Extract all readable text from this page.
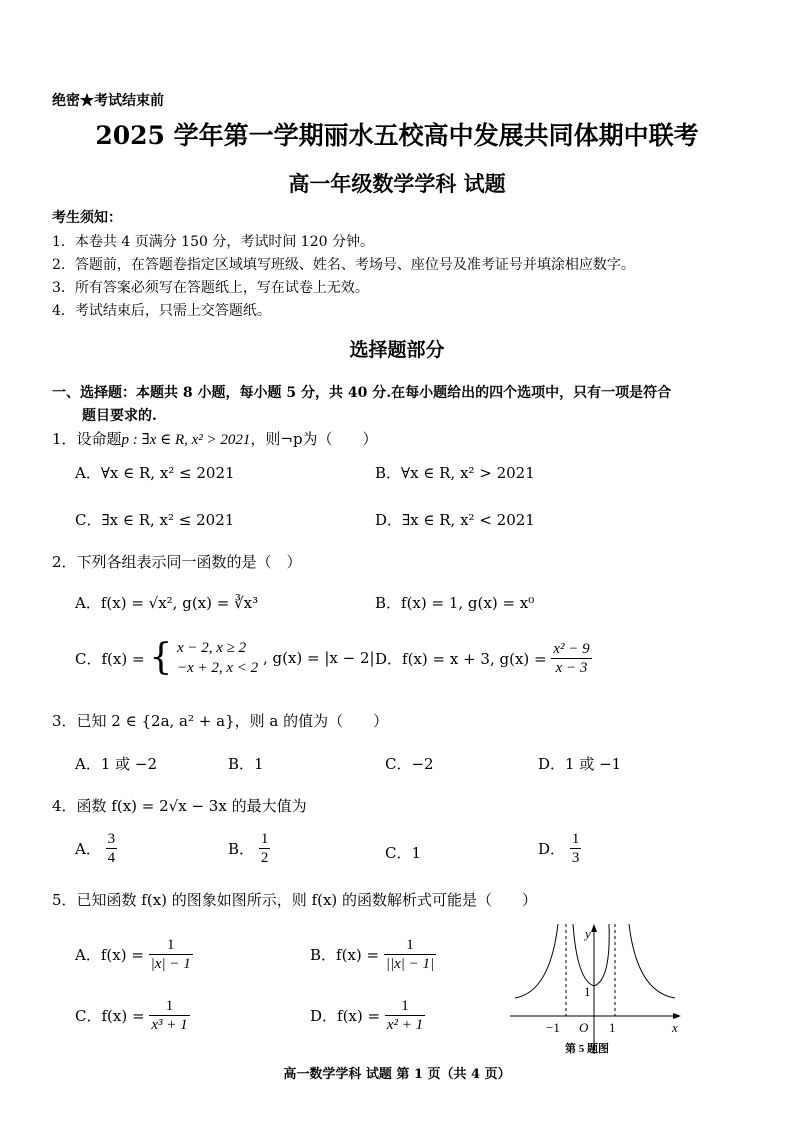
绝密★考试结束前
2025 学年第一学期丽水五校高中发展共同体期中联考
高一年级数学学科 试题
考生须知：
1．本卷共 4 页满分 150 分，考试时间 120 分钟。
2．答题前，在答题卷指定区域填写班级、姓名、考场号、座位号及准考证号并填涂相应数字。
3．所有答案必须写在答题纸上，写在试卷上无效。
4．考试结束后，只需上交答题纸。
选择题部分
一、选择题：本题共 8 小题，每小题 5 分，共 40 分.在每小题给出的四个选项中，只有一项是符合
题目要求的.
1．设命题p : ∃x ∈ R, x² > 2021，则¬p为（　　）
A．∀x ∈ R, x² ≤ 2021	B．∀x ∈ R, x² > 2021
C．∃x ∈ R, x² ≤ 2021	D．∃x ∈ R, x² < 2021
2．下列各组表示同一函数的是（　）
A．f(x) = √x², g(x) = ∛x³	B．f(x) = 1, g(x) = x⁰
C．f(x) = { x − 2, x ≥ 2
−x + 2, x < 2
, g(x) = |x − 2| D．f(x) = x + 3, $g(x) = \frac{\text{x² − 9}}{x - 3}$
3．已知 2 ∈ {2a, a² + a}，则 a 的值为（　　）
A．1 或 −2	B．1	C．−2	D．1 或 −1
4．函数 f(x) = 2√x − 3x 的最大值为
A． $\frac{3}{4}$	B． $\frac{1}{2}$	C．1	D． $\frac{1}{3}$
5．已知函数 f(x) 的图象如图所示，则 f(x) 的函数解析式可能是（　　）
A．$f(x) = \frac{1}{|x| - 1}$	B．$f(x) = \frac{1}{||x| - 1|}$
C．$f(x) = \frac{1}{\text{x³ + 1}}$	D．$f(x) = \frac{1}{\text{x² + 1}}$
y
x
1
−1 O 1
第 5 题图
高一数学学科 试题 第 1 页（共 4 页）
